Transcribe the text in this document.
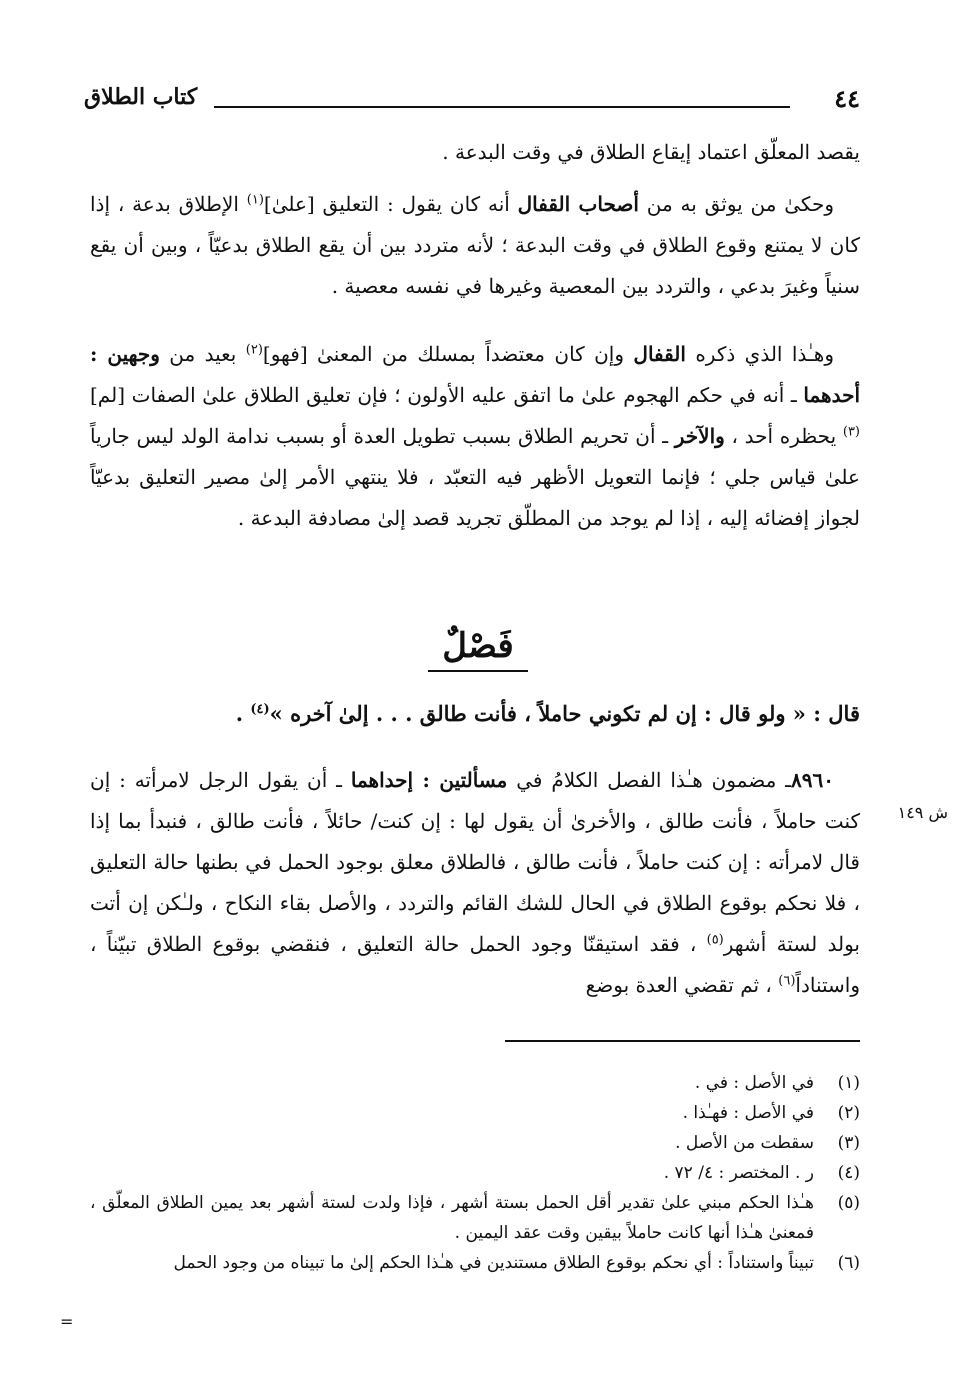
٤٤
كتاب الطلاق

يقصد المعلّق اعتماد إيقاع الطلاق في وقت البدعة .

وحكىٰ من يوثق به من أصحاب القفال أنه كان يقول : التعليق [علىٰ]$^{(١)}$ الإطلاق بدعة ، إذا كان لا يمتنع وقوع الطلاق في وقت البدعة ؛ لأنه متردد بين أن يقع الطلاق بدعيّاً ، وبين أن يقع سنياً وغيرَ بدعي ، والتردد بين المعصية وغيرها في نفسه معصية .

وهـٰذا الذي ذكره القفال وإن كان معتضداً بمسلك من المعنىٰ [فهو]$^{(٢)}$ بعيد من وجهين : أحدهما ـ أنه في حكم الهجوم علىٰ ما اتفق عليه الأولون ؛ فإن تعليق الطلاق علىٰ الصفات [لم]$^{(٣)}$ يحظره أحد ، والآخر ـ أن تحريم الطلاق بسبب تطويل العدة أو بسبب ندامة الولد ليس جارياً علىٰ قياس جلي ؛ فإنما التعويل الأظهر فيه التعبّد ، فلا ينتهي الأمر إلىٰ مصير التعليق بدعيّاً لجواز إفضائه إليه ، إذا لم يوجد من المطلّق تجريد قصد إلىٰ مصادفة البدعة .

فَصْلٌ
قال : « ولو قال : إن لم تكوني حاملاً ، فأنت طالق . . . إلىٰ آخره »$^{(٤)}$ .

٨٩٦٠ـ مضمون هـٰذا الفصل الكلامُ في مسألتين : إحداهما ـ أن يقول الرجل لامرأته : إن كنت حاملاً ، فأنت طالق ، والأخرىٰ أن يقول لها : إن كنت/ حائلاً ، فأنت طالق ، فنبدأ بما إذا قال لامرأته : إن كنت حاملاً ، فأنت طالق ، فالطلاق معلق بوجود الحمل في بطنها حالة التعليق ، فلا نحكم بوقوع الطلاق في الحال للشك القائم والتردد ، والأصل بقاء النكاح ، ولـٰكن إن أتت بولد لستة أشهر$^{(٥)}$ ، فقد استيقنّا وجود الحمل حالة التعليق ، فنقضي بوقوع الطلاق تبيّناً ، واستناداً$^{(٦)}$ ، ثم تقضي العدة بوضع

ش ١٤٩
(١)
في الأصل : في .
(٢)
في الأصل : فهـٰذا .
(٣)
سقطت من الأصل .
(٤)
ر . المختصر : ٤/ ٧٢ .
(٥)
هـٰذا الحكم مبني علىٰ تقدير أقل الحمل بستة أشهر ، فإذا ولدت لستة أشهر بعد يمين الطلاق المعلّق ، فمعنىٰ هـٰذا أنها كانت حاملاً بيقين وقت عقد اليمين .
(٦)
تبيناً واستناداً : أي نحكم بوقوع الطلاق مستندين في هـٰذا الحكم إلىٰ ما تبيناه من وجود الحمل
=
